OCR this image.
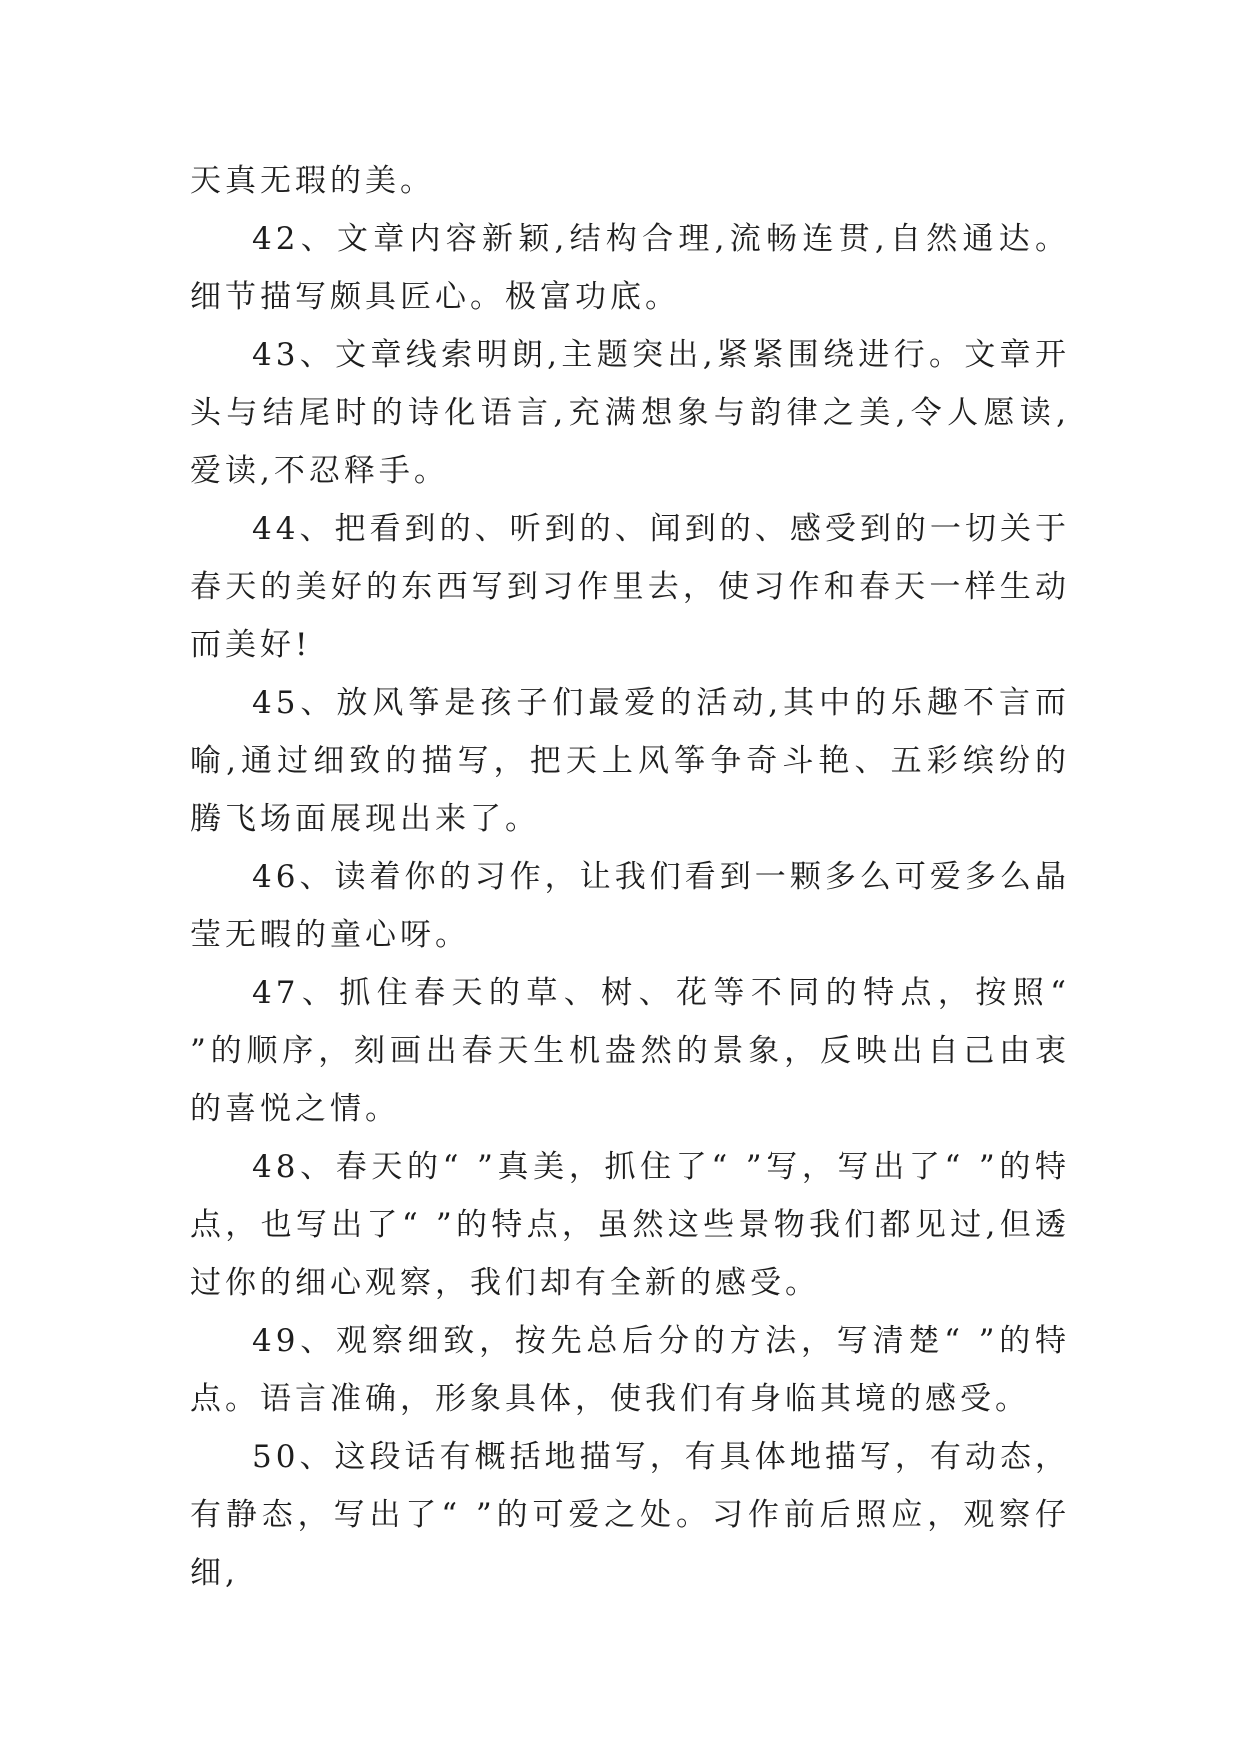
天真无瑕的美。

42、文章内容新颖,结构合理,流畅连贯,自然通达。细节描写颇具匠心。极富功底。

43、文章线索明朗,主题突出,紧紧围绕进行。文章开头与结尾时的诗化语言,充满想象与韵律之美,令人愿读,爱读,不忍释手。

44、把看到的、听到的、闻到的、感受到的一切关于春天的美好的东西写到习作里去，使习作和春天一样生动而美好!

45、放风筝是孩子们最爱的活动,其中的乐趣不言而喻,通过细致的描写，把天上风筝争奇斗艳、五彩缤纷的腾飞场面展现出来了。

46、读着你的习作，让我们看到一颗多么可爱多么晶莹无暇的童心呀。

47、抓住春天的草、树、花等不同的特点，按照“ ”的顺序，刻画出春天生机盎然的景象，反映出自己由衷的喜悦之情。

48、春天的“ ”真美，抓住了“ ”写，写出了“ ”的特点，也写出了“ ”的特点，虽然这些景物我们都见过,但透过你的细心观察，我们却有全新的感受。

49、观察细致，按先总后分的方法，写清楚“ ”的特点。语言准确，形象具体，使我们有身临其境的感受。

50、这段话有概括地描写，有具体地描写，有动态，有静态，写出了“ ”的可爱之处。习作前后照应，观察仔细,
